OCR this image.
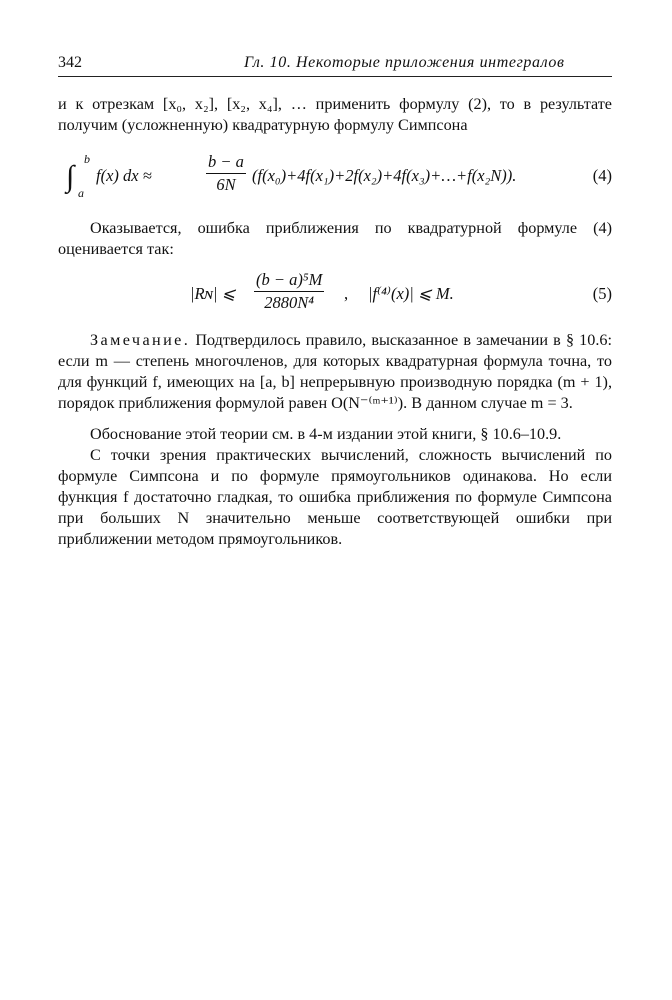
342	Гл. 10. Некоторые приложения интегралов
и к отрезкам [x₀, x₂], [x₂, x₄], … применить формулу (2), то в результате получим (усложненную) квадратурную формулу Симпсона
∫
b
a
f(x) dx ≈	$\frac{b - a}{6N}$ (f(x₀)+4f(x₁)+2f(x₂)+4f(x₃)+…+f(x₂N)).	(4)
Оказывается, ошибка приближения по квадратурной формуле (4) оценивается так:
|Rɴ| ⩽ $\frac{\text{(b − a)⁵M}}{\text{2880N⁴}}$ , |f⁽⁴⁾(x)| ⩽ M.	(5)
Замечание. Подтвердилось правило, высказанное в замечании в § 10.6: если m — степень многочленов, для которых квадратурная формула точна, то для функций f, имеющих на [a, b] непрерывную производную порядка (m + 1), порядок приближения формулой равен O(N⁻⁽ᵐ⁺¹⁾). В данном случае m = 3.
Обоснование этой теории см. в 4-м издании этой книги, § 10.6–10.9.
С точки зрения практических вычислений, сложность вычислений по формуле Симпсона и по формуле прямоугольников одинакова. Но если функция f достаточно гладкая, то ошибка приближения по формуле Симпсона при больших N значительно меньше соответствующей ошибки при приближении методом прямоугольников.
